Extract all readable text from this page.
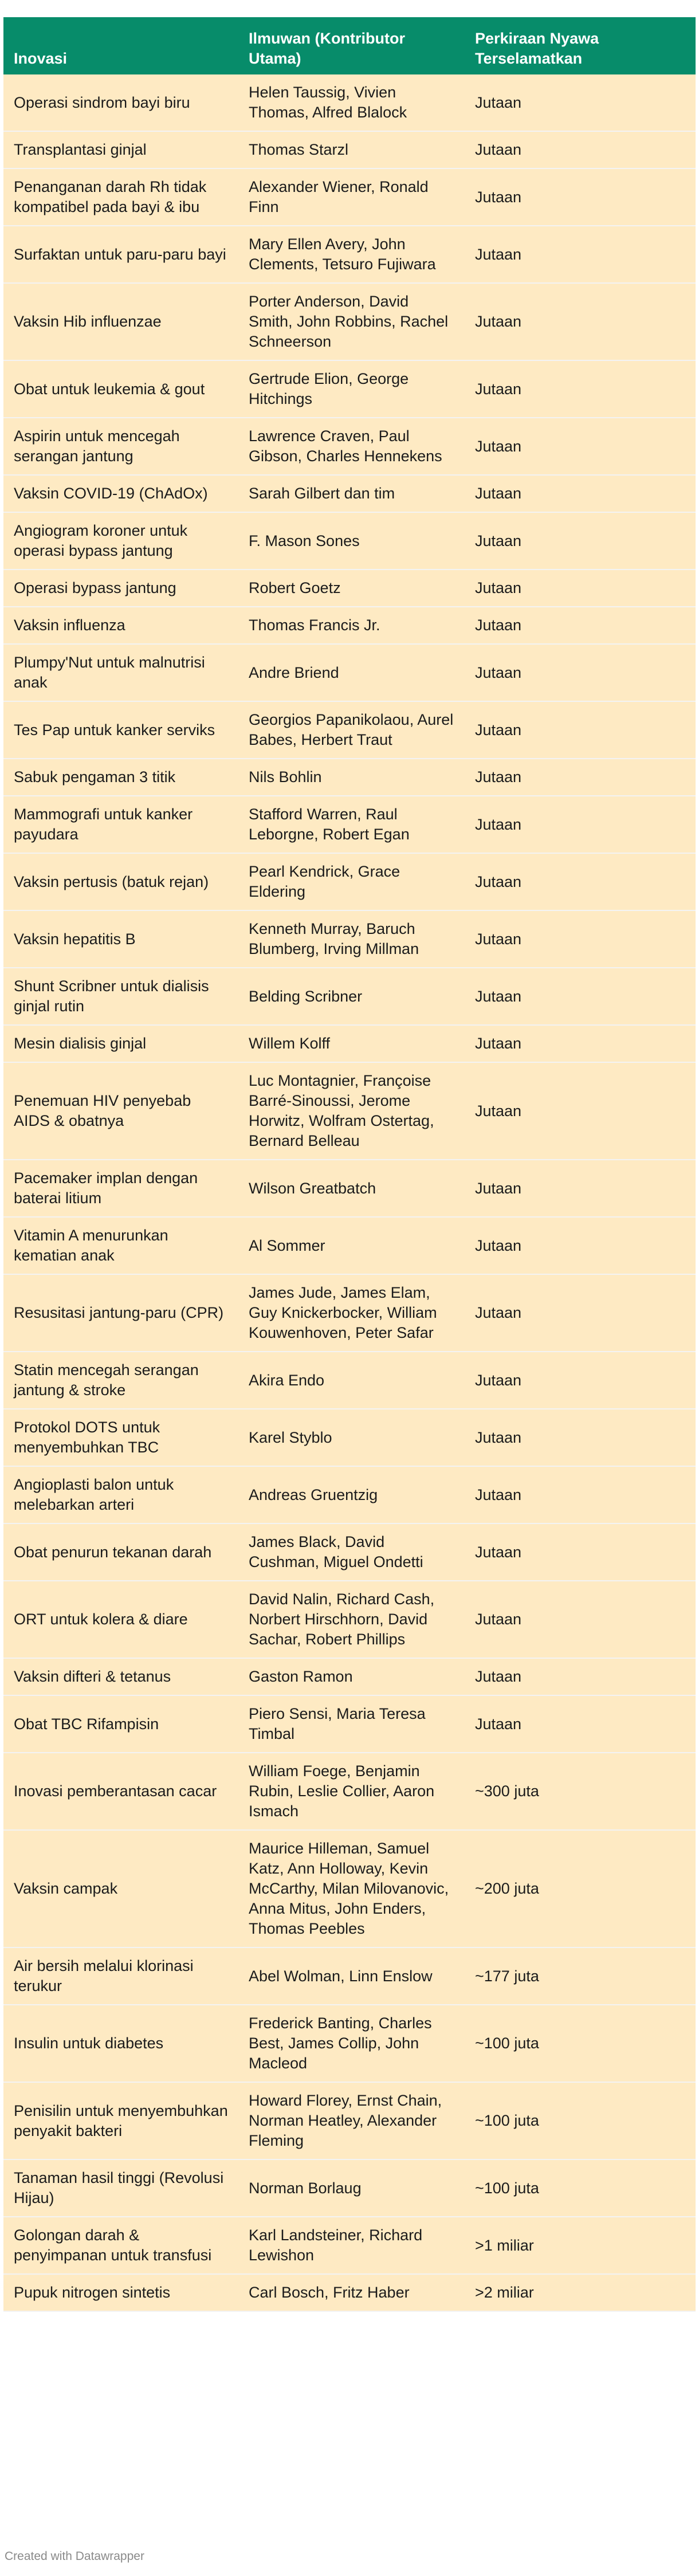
Inovasi	Ilmuwan (Kontributor Utama)	Perkiraan Nyawa Terselamatkan
Operasi sindrom bayi biru	Helen Taussig, Vivien Thomas, Alfred Blalock	Jutaan
Transplantasi ginjal	Thomas Starzl	Jutaan
Penanganan darah Rh tidak kompatibel pada bayi & ibu	Alexander Wiener, Ronald Finn	Jutaan
Surfaktan untuk paru-paru bayi	Mary Ellen Avery, John Clements, Tetsuro Fujiwara	Jutaan
Vaksin Hib influenzae	Porter Anderson, David Smith, John Robbins, Rachel Schneerson	Jutaan
Obat untuk leukemia & gout	Gertrude Elion, George Hitchings	Jutaan
Aspirin untuk mencegah serangan jantung	Lawrence Craven, Paul Gibson, Charles Hennekens	Jutaan
Vaksin COVID-19 (ChAdOx)	Sarah Gilbert dan tim	Jutaan
Angiogram koroner untuk operasi bypass jantung	F. Mason Sones	Jutaan
Operasi bypass jantung	Robert Goetz	Jutaan
Vaksin influenza	Thomas Francis Jr.	Jutaan
Plumpy'Nut untuk malnutrisi anak	Andre Briend	Jutaan
Tes Pap untuk kanker serviks	Georgios Papanikolaou, Aurel Babes, Herbert Traut	Jutaan
Sabuk pengaman 3 titik	Nils Bohlin	Jutaan
Mammografi untuk kanker payudara	Stafford Warren, Raul Leborgne, Robert Egan	Jutaan
Vaksin pertusis (batuk rejan)	Pearl Kendrick, Grace Eldering	Jutaan
Vaksin hepatitis B	Kenneth Murray, Baruch Blumberg, Irving Millman	Jutaan
Shunt Scribner untuk dialisis ginjal rutin	Belding Scribner	Jutaan
Mesin dialisis ginjal	Willem Kolff	Jutaan
Penemuan HIV penyebab AIDS & obatnya	Luc Montagnier, Françoise Barré-Sinoussi, Jerome Horwitz, Wolfram Ostertag, Bernard Belleau	Jutaan
Pacemaker implan dengan baterai litium	Wilson Greatbatch	Jutaan
Vitamin A menurunkan kematian anak	Al Sommer	Jutaan
Resusitasi jantung-paru (CPR)	James Jude, James Elam, Guy Knickerbocker, William Kouwenhoven, Peter Safar	Jutaan
Statin mencegah serangan jantung & stroke	Akira Endo	Jutaan
Protokol DOTS untuk menyembuhkan TBC	Karel Styblo	Jutaan
Angioplasti balon untuk melebarkan arteri	Andreas Gruentzig	Jutaan
Obat penurun tekanan darah	James Black, David Cushman, Miguel Ondetti	Jutaan
ORT untuk kolera & diare	David Nalin, Richard Cash, Norbert Hirschhorn, David Sachar, Robert Phillips	Jutaan
Vaksin difteri & tetanus	Gaston Ramon	Jutaan
Obat TBC Rifampisin	Piero Sensi, Maria Teresa Timbal	Jutaan
Inovasi pemberantasan cacar	William Foege, Benjamin Rubin, Leslie Collier, Aaron Ismach	~300 juta
Vaksin campak	Maurice Hilleman, Samuel Katz, Ann Holloway, Kevin McCarthy, Milan Milovanovic, Anna Mitus, John Enders, Thomas Peebles	~200 juta
Air bersih melalui klorinasi terukur	Abel Wolman, Linn Enslow	~177 juta
Insulin untuk diabetes	Frederick Banting, Charles Best, James Collip, John Macleod	~100 juta
Penisilin untuk menyembuhkan penyakit bakteri	Howard Florey, Ernst Chain, Norman Heatley, Alexander Fleming	~100 juta
Tanaman hasil tinggi (Revolusi Hijau)	Norman Borlaug	~100 juta
Golongan darah & penyimpanan untuk transfusi	Karl Landsteiner, Richard Lewishon	>1 miliar
Pupuk nitrogen sintetis	Carl Bosch, Fritz Haber	>2 miliar
Created with Datawrapper
